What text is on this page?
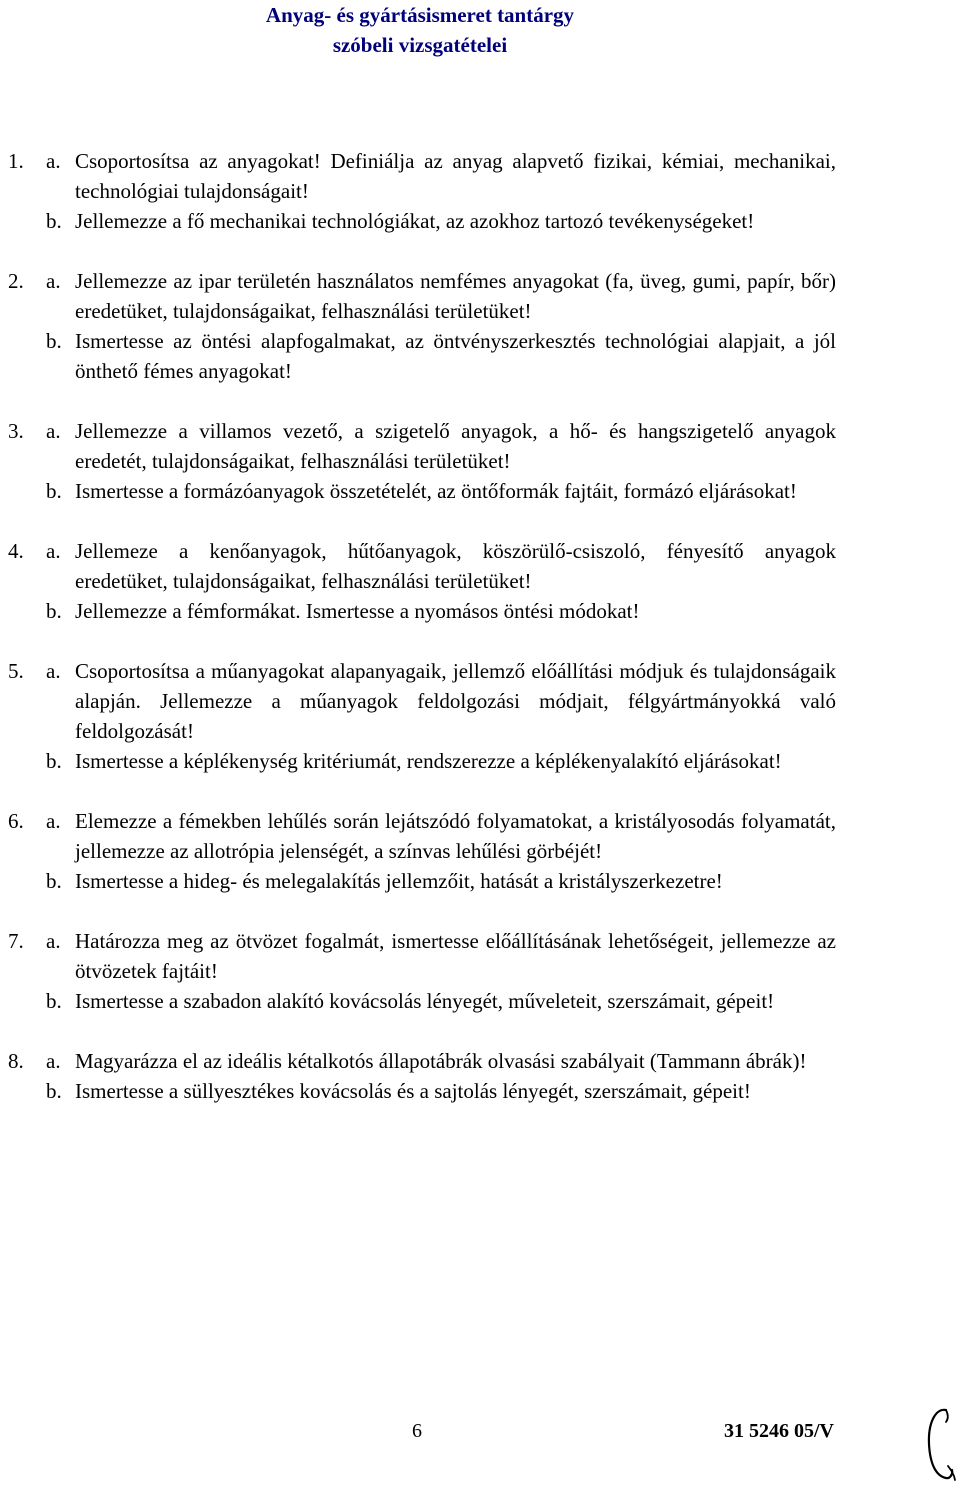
Anyag- és gyártásismeret tantárgy
szóbeli vizsgatételei
1.	a. Csoportosítsa az anyagokat! Definiálja az anyag alapvető fizikai, kémiai, mechanikai, technológiai tulajdonságait!
b. Jellemezze a fő mechanikai technológiákat, az azokhoz tartozó tevékenységeket!
2.	a. Jellemezze az ipar területén használatos nemfémes anyagokat (fa, üveg, gumi, papír, bőr) eredetüket, tulajdonságaikat, felhasználási területüket!
b. Ismertesse az öntési alapfogalmakat, az öntvényszerkesztés technológiai alapjait, a jól önthető fémes anyagokat!
3.	a. Jellemezze a villamos vezető, a szigetelő anyagok, a hő- és hangszigetelő anyagok eredetét, tulajdonságaikat, felhasználási területüket!
b. Ismertesse a formázóanyagok összetételét, az öntőformák fajtáit, formázó eljárásokat!
4.	a. Jellemeze a kenőanyagok, hűtőanyagok, köszörülő-csiszoló, fényesítő anyagok eredetüket, tulajdonságaikat, felhasználási területüket!
b. Jellemezze a fémformákat. Ismertesse a nyomásos öntési módokat!
5.	a. Csoportosítsa a műanyagokat alapanyagaik, jellemző előállítási módjuk és tulajdonságaik alapján. Jellemezze a műanyagok feldolgozási módjait, félgyártmányokká való feldolgozását!
b. Ismertesse a képlékenység kritériumát, rendszerezze a képlékenyalakító eljárásokat!
6.	a. Elemezze a fémekben lehűlés során lejátszódó folyamatokat, a kristályosodás folyamatát, jellemezze az allotrópia jelenségét, a színvas lehűlési görbéjét!
b. Ismertesse a hideg- és melegalakítás jellemzőit, hatását a kristályszerkezetre!
7.	a. Határozza meg az ötvözet fogalmát, ismertesse előállításának lehetőségeit, jellemezze az ötvözetek fajtáit!
b. Ismertesse a szabadon alakító kovácsolás lényegét, műveleteit, szerszámait, gépeit!
8.	a. Magyarázza el az ideális kétalkotós állapotábrák olvasási szabályait (Tammann ábrák)!
b. Ismertesse a süllyesztékes kovácsolás és a sajtolás lényegét, szerszámait, gépeit!
6	31 5246 05/V
